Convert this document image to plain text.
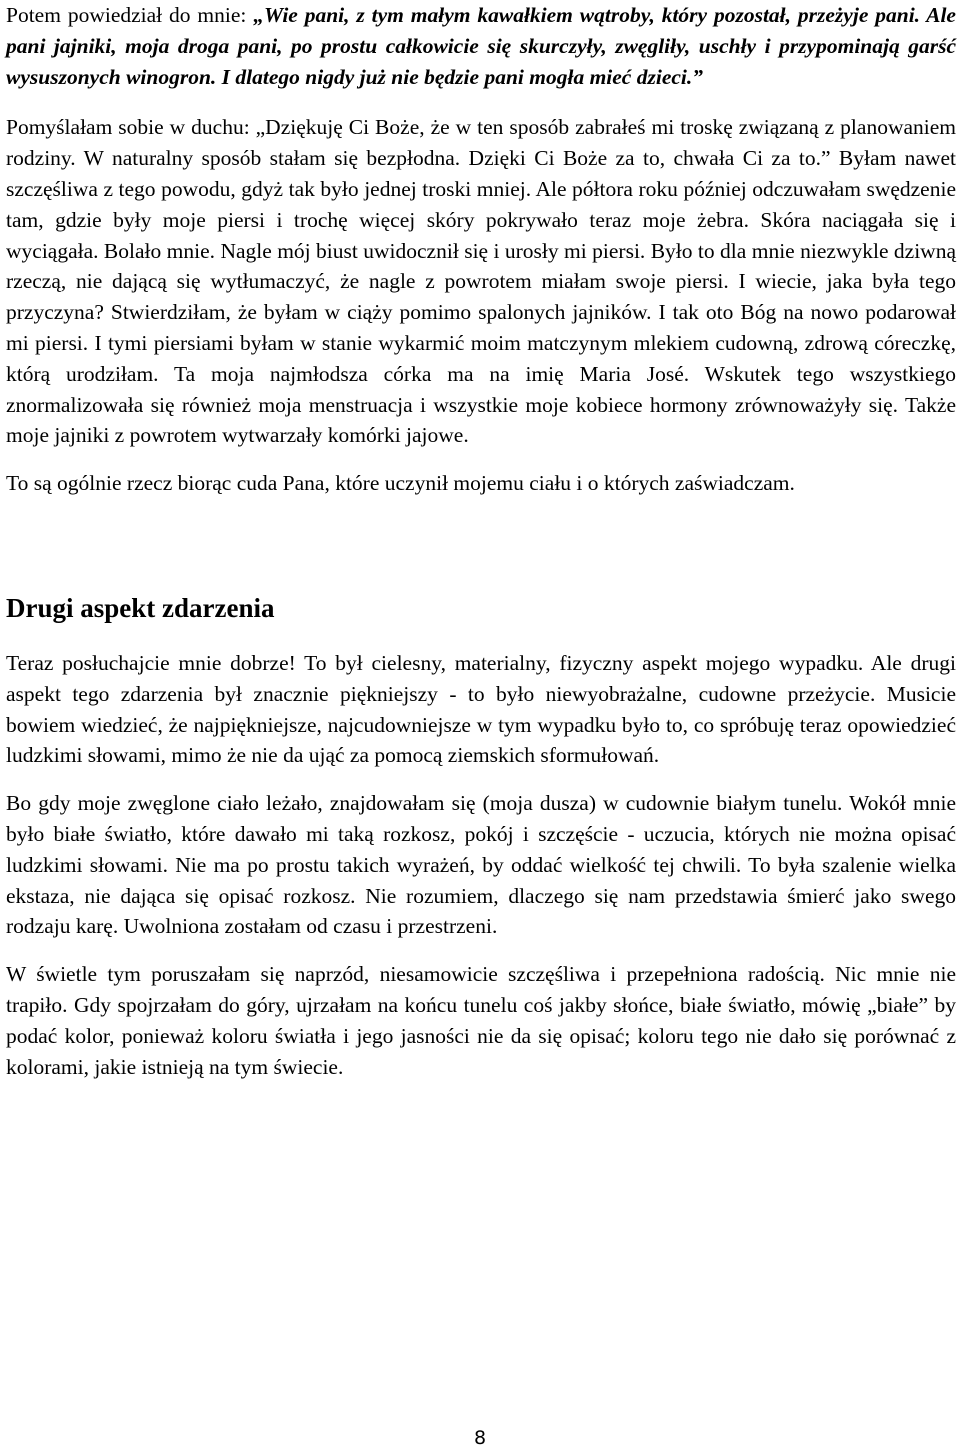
Potem powiedział do mnie: „Wie pani, z tym małym kawałkiem wątroby, który pozostał, przeżyje pani. Ale pani jajniki, moja droga pani, po prostu całkowicie się skurczyły, zwęgliły, uschły i przypominają garść wysuszonych winogron. I dlatego nigdy już nie będzie pani mogła mieć dzieci.”

Pomyślałam sobie w duchu: „Dziękuję Ci Boże, że w ten sposób zabrałeś mi troskę związaną z planowaniem rodziny. W naturalny sposób stałam się bezpłodna. Dzięki Ci Boże za to, chwała Ci za to.” Byłam nawet szczęśliwa z tego powodu, gdyż tak było jednej troski mniej. Ale półtora roku później odczuwałam swędzenie tam, gdzie były moje piersi i trochę więcej skóry pokrywało teraz moje żebra. Skóra naciągała się i wyciągała. Bolało mnie. Nagle mój biust uwidocznił się i urosły mi piersi. Było to dla mnie niezwykle dziwną rzeczą, nie dającą się wytłumaczyć, że nagle z powrotem miałam swoje piersi. I wiecie, jaka była tego przyczyna? Stwierdziłam, że byłam w ciąży pomimo spalonych jajników. I tak oto Bóg na nowo podarował mi piersi. I tymi piersiami byłam w stanie wykarmić moim matczynym mlekiem cudowną, zdrową córeczkę, którą urodziłam. Ta moja najmłodsza córka ma na imię Maria José. Wskutek tego wszystkiego znormalizowała się również moja menstruacja i wszystkie moje kobiece hormony zrównoważyły się. Także moje jajniki z powrotem wytwarzały komórki jajowe.

To są ogólnie rzecz biorąc cuda Pana, które uczynił mojemu ciału i o których zaświadczam.

Drugi aspekt zdarzenia

Teraz posłuchajcie mnie dobrze! To był cielesny, materialny, fizyczny aspekt mojego wypadku. Ale drugi aspekt tego zdarzenia był znacznie piękniejszy - to było niewyobrażalne, cudowne przeżycie. Musicie bowiem wiedzieć, że najpiękniejsze, najcudowniejsze w tym wypadku było to, co spróbuję teraz opowiedzieć ludzkimi słowami, mimo że nie da ująć za pomocą ziemskich sformułowań.

Bo gdy moje zwęglone ciało leżało, znajdowałam się (moja dusza) w cudownie białym tunelu. Wokół mnie było białe światło, które dawało mi taką rozkosz, pokój i szczęście - uczucia, których nie można opisać ludzkimi słowami. Nie ma po prostu takich wyrażeń, by oddać wielkość tej chwili. To była szalenie wielka ekstaza, nie dająca się opisać rozkosz. Nie rozumiem, dlaczego się nam przedstawia śmierć jako swego rodzaju karę. Uwolniona zostałam od czasu i przestrzeni.

W świetle tym poruszałam się naprzód, niesamowicie szczęśliwa i przepełniona radością. Nic mnie nie trapiło. Gdy spojrzałam do góry, ujrzałam na końcu tunelu coś jakby słońce, białe światło, mówię „białe” by podać kolor, ponieważ koloru światła i jego jasności nie da się opisać; koloru tego nie dało się porównać z kolorami, jakie istnieją na tym świecie.

8
